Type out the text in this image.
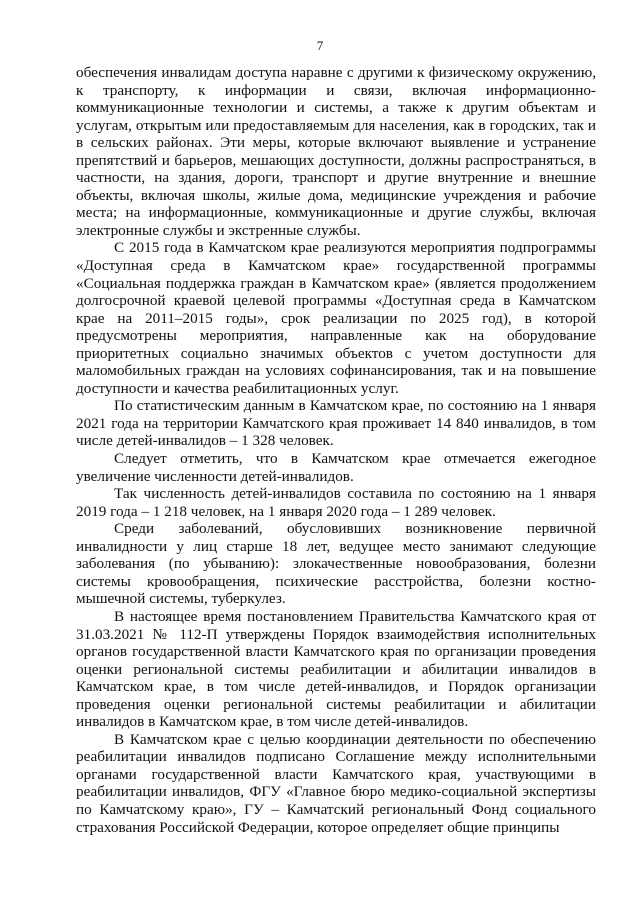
7

обеспечения инвалидам доступа наравне с другими к физическому окружению, к транспорту, к информации и связи, включая информационно-коммуникационные технологии и системы, а также к другим объектам и услугам, открытым или предоставляемым для населения, как в городских, так и в сельских районах. Эти меры, которые включают выявление и устранение препятствий и барьеров, мешающих доступности, должны распространяться, в частности, на здания, дороги, транспорт и другие внутренние и внешние объекты, включая школы, жилые дома, медицинские учреждения и рабочие места; на информационные, коммуникационные и другие службы, включая электронные службы и экстренные службы.

С 2015 года в Камчатском крае реализуются мероприятия подпрограммы «Доступная среда в Камчатском крае» государственной программы «Социальная поддержка граждан в Камчатском крае» (является продолжением долгосрочной краевой целевой программы «Доступная среда в Камчатском крае на 2011–2015 годы», срок реализации по 2025 год), в которой предусмотрены мероприятия, направленные как на оборудование приоритетных социально значимых объектов с учетом доступности для маломобильных граждан на условиях софинансирования, так и на повышение доступности и качества реабилитационных услуг.

По статистическим данным в Камчатском крае, по состоянию на 1 января 2021 года на территории Камчатского края проживает 14 840 инвалидов, в том числе детей-инвалидов – 1 328 человек.

Следует отметить, что в Камчатском крае отмечается ежегодное увеличение численности детей-инвалидов.

Так численность детей-инвалидов составила по состоянию на 1 января 2019 года – 1 218 человек, на 1 января 2020 года – 1 289 человек.

Среди заболеваний, обусловивших возникновение первичной инвалидности у лиц старше 18 лет, ведущее место занимают следующие заболевания (по убыванию): злокачественные новообразования, болезни системы кровообращения, психические расстройства, болезни костно-мышечной системы, туберкулез.

В настоящее время постановлением Правительства Камчатского края от 31.03.2021 № 112-П утверждены Порядок взаимодействия исполнительных органов государственной власти Камчатского края по организации проведения оценки региональной системы реабилитации и абилитации инвалидов в Камчатском крае, в том числе детей-инвалидов, и Порядок организации проведения оценки региональной системы реабилитации и абилитации инвалидов в Камчатском крае, в том числе детей-инвалидов.

В Камчатском крае с целью координации деятельности по обеспечению реабилитации инвалидов подписано Соглашение между исполнительными органами государственной власти Камчатского края, участвующими в реабилитации инвалидов, ФГУ «Главное бюро медико-социальной экспертизы по Камчатскому краю», ГУ – Камчатский региональный Фонд социального страхования Российской Федерации, которое определяет общие принципы
